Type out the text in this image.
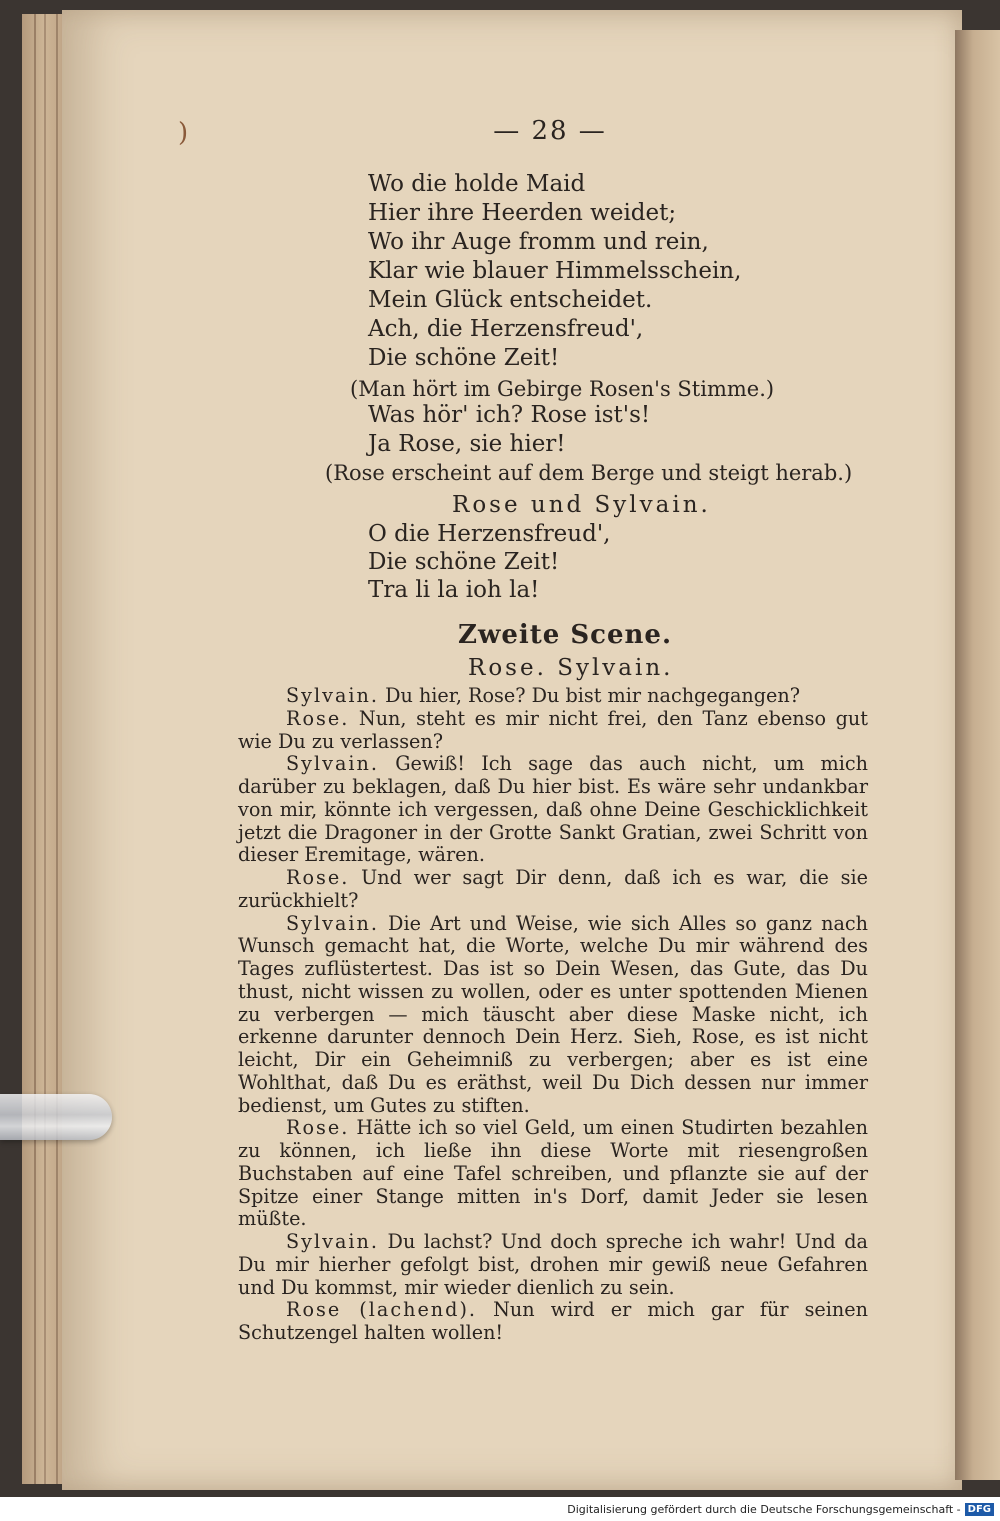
)	— 28 —

Wo die holde Maid

Hier ihre Heerden weidet;

Wo ihr Auge fromm und rein,

Klar wie blauer Himmelsschein,

Mein Glück entscheidet.

Ach, die Herzensfreud',

Die schöne Zeit!

(Man hört im Gebirge Rosen's Stimme.)

Was hör' ich? Rose ist's!

Ja Rose, sie hier!

(Rose erscheint auf dem Berge und steigt herab.)

Rose und Sylvain.

O die Herzensfreud',

Die schöne Zeit!

Tra li la ioh la!

Zweite Scene.
Rose. Sylvain.

Sylvain. Du hier, Rose? Du bist mir nachgegangen?

Rose. Nun, steht es mir nicht frei, den Tanz ebenso gut wie Du zu verlassen?

Sylvain. Gewiß! Ich sage das auch nicht, um mich darüber zu beklagen, daß Du hier bist. Es wäre sehr undankbar von mir, könnte ich vergessen, daß ohne Deine Geschicklichkeit jetzt die Dragoner in der Grotte Sankt Gratian, zwei Schritt von dieser Eremitage, wären.

Rose. Und wer sagt Dir denn, daß ich es war, die sie zurückhielt?

Sylvain. Die Art und Weise, wie sich Alles so ganz nach Wunsch gemacht hat, die Worte, welche Du mir während des Tages zuflüstertest. Das ist so Dein Wesen, das Gute, das Du thust, nicht wissen zu wollen, oder es unter spottenden Mienen zu verbergen — mich täuscht aber diese Maske nicht, ich erkenne darunter dennoch Dein Herz. Sieh, Rose, es ist nicht leicht, Dir ein Geheimniß zu verbergen; aber es ist eine Wohlthat, daß Du es eräthst, weil Du Dich dessen nur immer bedienst, um Gutes zu stiften.

Rose. Hätte ich so viel Geld, um einen Studirten bezahlen zu können, ich ließe ihn diese Worte mit riesengroßen Buchstaben auf eine Tafel schreiben, und pflanzte sie auf der Spitze einer Stange mitten in's Dorf, damit Jeder sie lesen müßte.

Sylvain. Du lachst? Und doch spreche ich wahr! Und da Du mir hierher gefolgt bist, drohen mir gewiß neue Gefahren und Du kommst, mir wieder dienlich zu sein.

Rose (lachend). Nun wird er mich gar für seinen Schutzengel halten wollen!

Digitalisierung gefördert durch die Deutsche Forschungsgemeinschaft - DFG
